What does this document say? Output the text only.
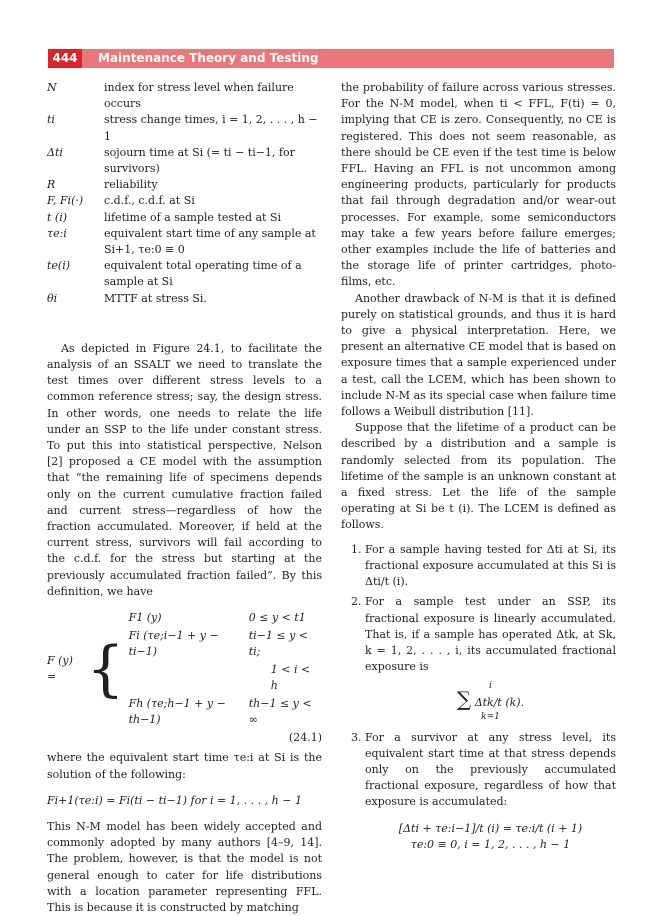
444	Maintenance Theory and Testing
N	index for stress level when failure occurs
ti	stress change times, i = 1, 2, . . . , h − 1
Δti	sojourn time at Si (= ti − ti−1, for survivors)
R	reliability
F, Fi(·)	c.d.f., c.d.f. at Si
t (i)	lifetime of a sample tested at Si
τe:i	equivalent start time of any sample at Si+1, τe:0 ≡ 0
te(i)	equivalent total operating time of a sample at Si
θi	MTTF at stress Si.

As depicted in Figure 24.1, to facilitate the analysis of an SSALT we need to translate the test times over different stress levels to a common reference stress; say, the design stress. In other words, one needs to relate the life under an SSP to the life under constant stress. To put this into statistical perspective, Nelson [2] proposed a CE model with the assumption that “the remaining life of specimens depends only on the current cumulative fraction failed and current stress—regardless of how the fraction accumulated. Moreover, if held at the current stress, survivors will fail according to the c.d.f. for the stress but starting at the previously accumulated fraction failed”. By this definition, we have

F (y) = {
F1 (y)	0 ≤ y < t1
Fi (τe;i−1 + y − ti−1)	ti−1 ≤ y < ti;
	1 < i < h
Fh (τe;h−1 + y − th−1)	th−1 ≤ y < ∞
(24.1)

where the equivalent start time τe:i at Si is the solution of the following:

Fi+1(τe:i) = Fi(ti − ti−1) for i = 1, . . . , h − 1

This N-M model has been widely accepted and commonly adopted by many authors [4–9, 14]. The problem, however, is that the model is not general enough to cater for life distributions with a location parameter representing FFL. This is because it is constructed by matching

the probability of failure across various stresses. For the N-M model, when ti < FFL, F(ti) = 0, implying that CE is zero. Consequently, no CE is registered. This does not seem reasonable, as there should be CE even if the test time is below FFL. Having an FFL is not uncommon among engineering products, particularly for products that fail through degradation and/or wear-out processes. For example, some semiconductors may take a few years before failure emerges; other examples include the life of batteries and the storage life of printer cartridges, photo-films, etc.

Another drawback of N-M is that it is defined purely on statistical grounds, and thus it is hard to give a physical interpretation. Here, we present an alternative CE model that is based on exposure times that a sample experienced under a test, call the LCEM, which has been shown to include N-M as its special case when failure time follows a Weibull distribution [11].

Suppose that the lifetime of a product can be described by a distribution and a sample is randomly selected from its population. The lifetime of the sample is an unknown constant at a fixed stress. Let the life of the sample operating at Si be t (i). The LCEM is defined as follows.

1. For a sample having tested for Δti at Si, its fractional exposure accumulated at this Si is Δti/t (i).
2. For a sample test under an SSP, its fractional exposure is linearly accumulated. That is, if a sample has operated Δtk, at Sk, k = 1, 2, . . . , i, its accumulated fractional exposure is
i
∑ Δtk/t (k).
k=1
3. For a survivor at any stress level, its equivalent start time at that stress depends only on the previously accumulated fractional exposure, regardless of how that exposure is accumulated:
[Δti + τe:i−1]/t (i) = τe:i/t (i + 1)
τe:0 ≡ 0, i = 1, 2, . . . , h − 1
